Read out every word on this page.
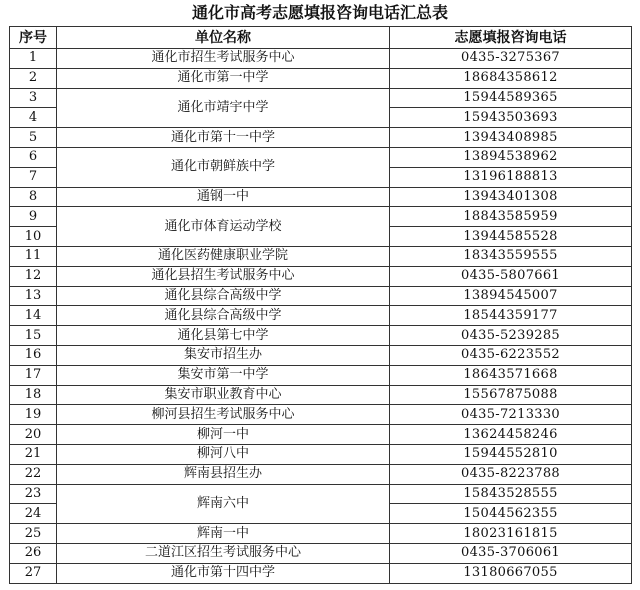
通化市高考志愿填报咨询电话汇总表
序号	单位名称	志愿填报咨询电话
1	通化市招生考试服务中心	0435-3275367
2	通化市第一中学	18684358612
3	通化市靖宇中学	15944589365
4		15943503693
5	通化市第十一中学	13943408985
6	通化市朝鲜族中学	13894538962
7		13196188813
8	通钢一中	13943401308
9	通化市体育运动学校	18843585959
10		13944585528
11	通化医药健康职业学院	18343559555
12	通化县招生考试服务中心	0435-5807661
13	通化县综合高级中学	13894545007
14	通化县综合高级中学	18544359177
15	通化县第七中学	0435-5239285
16	集安市招生办	0435-6223552
17	集安市第一中学	18643571668
18	集安市职业教育中心	15567875088
19	柳河县招生考试服务中心	0435-7213330
20	柳河一中	13624458246
21	柳河八中	15944552810
22	辉南县招生办	0435-8223788
23	辉南六中	15843528555
24		15044562355
25	辉南一中	18023161815
26	二道江区招生考试服务中心	0435-3706061
27	通化市第十四中学	13180667055
